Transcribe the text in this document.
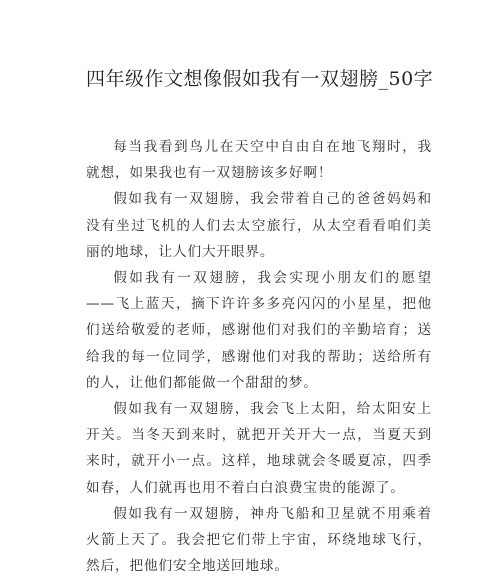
四年级作文想像假如我有一双翅膀_50字

每当我看到鸟儿在天空中自由自在地飞翔时，我就想，如果我也有一双翅膀该多好啊！

假如我有一双翅膀，我会带着自己的爸爸妈妈和没有坐过飞机的人们去太空旅行，从太空看看咱们美丽的地球，让人们大开眼界。

假如我有一双翅膀，我会实现小朋友们的愿望——飞上蓝天，摘下许许多多亮闪闪的小星星，把他们送给敬爱的老师，感谢他们对我们的辛勤培育；送给我的每一位同学，感谢他们对我的帮助；送给所有的人，让他们都能做一个甜甜的梦。

假如我有一双翅膀，我会飞上太阳，给太阳安上开关。当冬天到来时，就把开关开大一点，当夏天到来时，就开小一点。这样，地球就会冬暖夏凉，四季如春，人们就再也用不着白白浪费宝贵的能源了。

假如我有一双翅膀，神舟飞船和卫星就不用乘着火箭上天了。我会把它们带上宇宙，环绕地球飞行，然后，把他们安全地送回地球。
